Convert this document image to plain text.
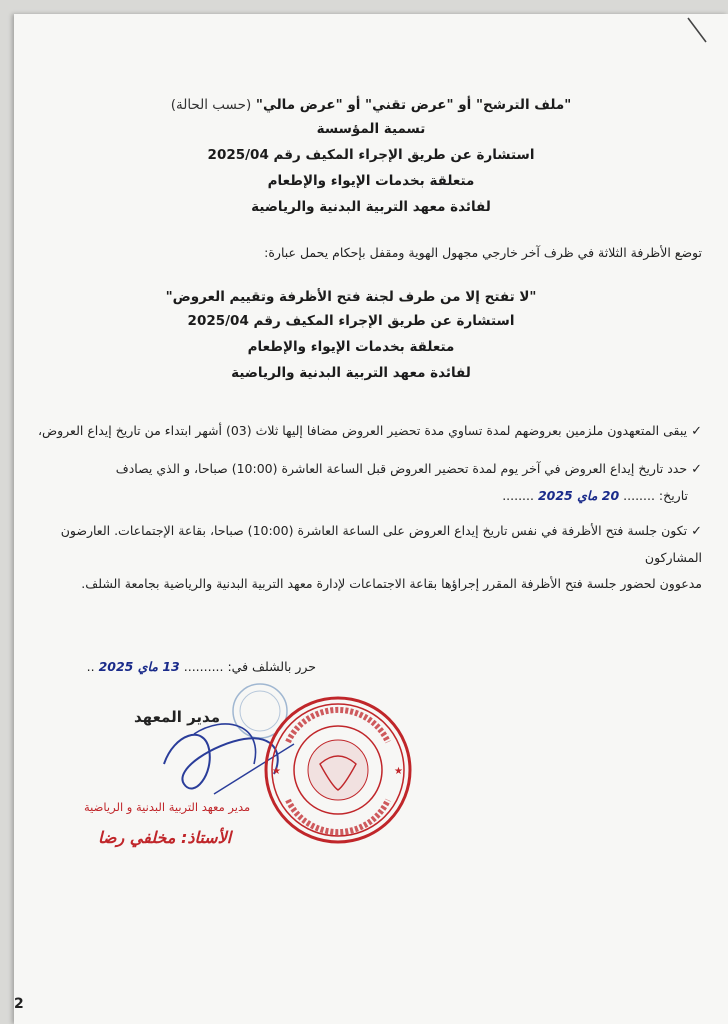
"ملف الترشح" أو "عرض تقني" أو "عرض مالي" (حسب الحالة)

تسمية المؤسسة

استشارة عن طريق الإجراء المكيف رقم 2025/04

متعلقة بخدمات الإيواء والإطعام

لفائدة معهد التربية البدنية والرياضية

توضع الأظرفة الثلاثة في ظرف آخر خارجي مجهول الهوية ومقفل بإحكام يحمل عبارة:

"لا تفتح إلا من طرف لجنة فتح الأظرفة وتقييم العروض"

استشارة عن طريق الإجراء المكيف رقم 2025/04

متعلقة بخدمات الإيواء والإطعام

لفائدة معهد التربية البدنية والرياضية

✓يبقى المتعهدون ملزمين بعروضهم لمدة تساوي مدة تحضير العروض مضافا إليها ثلاث (03) أشهر ابتداء من تاريخ إيداع العروض،
✓حدد تاريخ إيداع العروض في آخر يوم لمدة تحضير العروض قبل الساعة العاشرة (10:00) صباحا، و الذي يصادف
تاريخ: ........ 20 ماي 2025 ........
✓تكون جلسة فتح الأظرفة في نفس تاريخ إيداع العروض على الساعة العاشرة (10:00) صباحا، بقاعة الإجتماعات. العارضون المشاركون
مدعوون لحضور جلسة فتح الأظرفة المقرر إجراؤها بقاعة الاجتماعات لإدارة معهد التربية البدنية والرياضية بجامعة الشلف.
حرر بالشلف في: .......... 13 ماي 2025 ..
مدير المعهد
★	★
مدير معهد التربية البدنية و الرياضية
الأستاذ: مخلفي رضا
2
